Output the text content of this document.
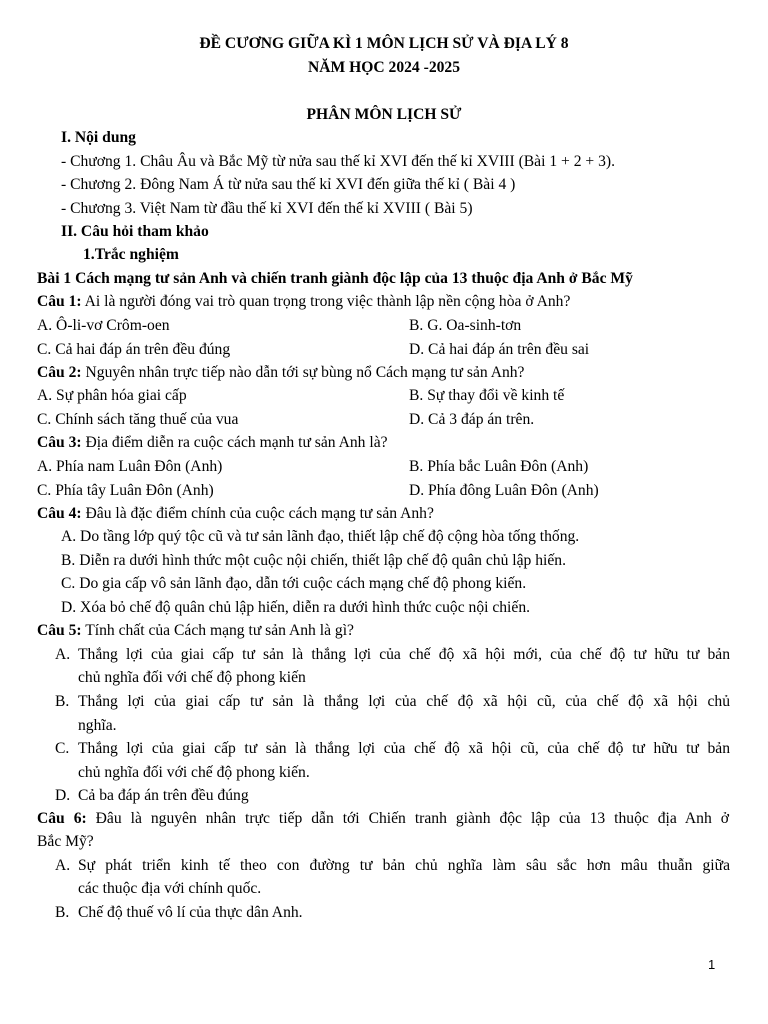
ĐỀ CƯƠNG GIỮA KÌ 1 MÔN LỊCH SỬ VÀ ĐỊA LÝ 8
NĂM HỌC 2024 -2025
PHÂN MÔN LỊCH SỬ
I. Nội dung
- Chương 1. Châu Âu và Bắc Mỹ từ nửa sau thế kỉ XVI đến thế kỉ XVIII (Bài 1 + 2 + 3).
- Chương 2. Đông Nam Á từ nửa sau thế kỉ XVI đến giữa thế kỉ ( Bài 4 )
- Chương 3. Việt Nam từ đầu thế kỉ XVI đến thế kỉ XVIII ( Bài 5)
II. Câu hỏi tham khảo
1.Trắc nghiệm
Bài 1 Cách mạng tư sản Anh và chiến tranh giành độc lập của 13 thuộc địa Anh ở Bắc Mỹ
Câu 1: Ai là người đóng vai trò quan trọng trong việc thành lập nền cộng hòa ở Anh?
A. Ô-li-vơ Crôm-oen	B. G. Oa-sinh-tơn
C. Cả hai đáp án trên đều đúng	D. Cả hai đáp án trên đều sai
Câu 2: Nguyên nhân trực tiếp nào dẫn tới sự bùng nổ Cách mạng tư sản Anh?
A. Sự phân hóa giai cấp	B. Sự thay đổi về kinh tế
C. Chính sách tăng thuế của vua	D. Cả 3 đáp án trên.
Câu 3: Địa điểm diễn ra cuộc cách mạnh tư sản Anh là?
A. Phía nam Luân Đôn (Anh)	B. Phía bắc Luân Đôn (Anh)
C. Phía tây Luân Đôn (Anh)	D. Phía đông Luân Đôn (Anh)
Câu 4: Đâu là đặc điểm chính của cuộc cách mạng tư sản Anh?
A. Do tầng lớp quý tộc cũ và tư sản lãnh đạo, thiết lập chế độ cộng hòa tống thống.
B. Diễn ra dưới hình thức một cuộc nội chiến, thiết lập chế độ quân chủ lập hiến.
C. Do gia cấp vô sản lãnh đạo, dẫn tới cuộc cách mạng chế độ phong kiến.
D. Xóa bỏ chế độ quân chủ lập hiến, diễn ra dưới hình thức cuộc nội chiến.
Câu 5: Tính chất của Cách mạng tư sản Anh là gì?
A. Thắng lợi của giai cấp tư sản là thắng lợi của chế độ xã hội mới, của chế độ tư hữu tư bản
chủ nghĩa đối với chế độ phong kiến
B. Thắng lợi của giai cấp tư sản là thắng lợi của chế độ xã hội cũ, của chế độ xã hội chủ
nghĩa.
C. Thắng lợi của giai cấp tư sản là thắng lợi của chế độ xã hội cũ, của chế độ tư hữu tư bản
chủ nghĩa đối với chế độ phong kiến.
D. Cả ba đáp án trên đều đúng
Câu 6: Đâu là nguyên nhân trực tiếp dẫn tới Chiến tranh giành độc lập của 13 thuộc địa Anh ở
Bắc Mỹ?
A. Sự phát triển kinh tế theo con đường tư bản chủ nghĩa làm sâu sắc hơn mâu thuẫn giữa
các thuộc địa với chính quốc.
B. Chế độ thuế vô lí của thực dân Anh.
1
